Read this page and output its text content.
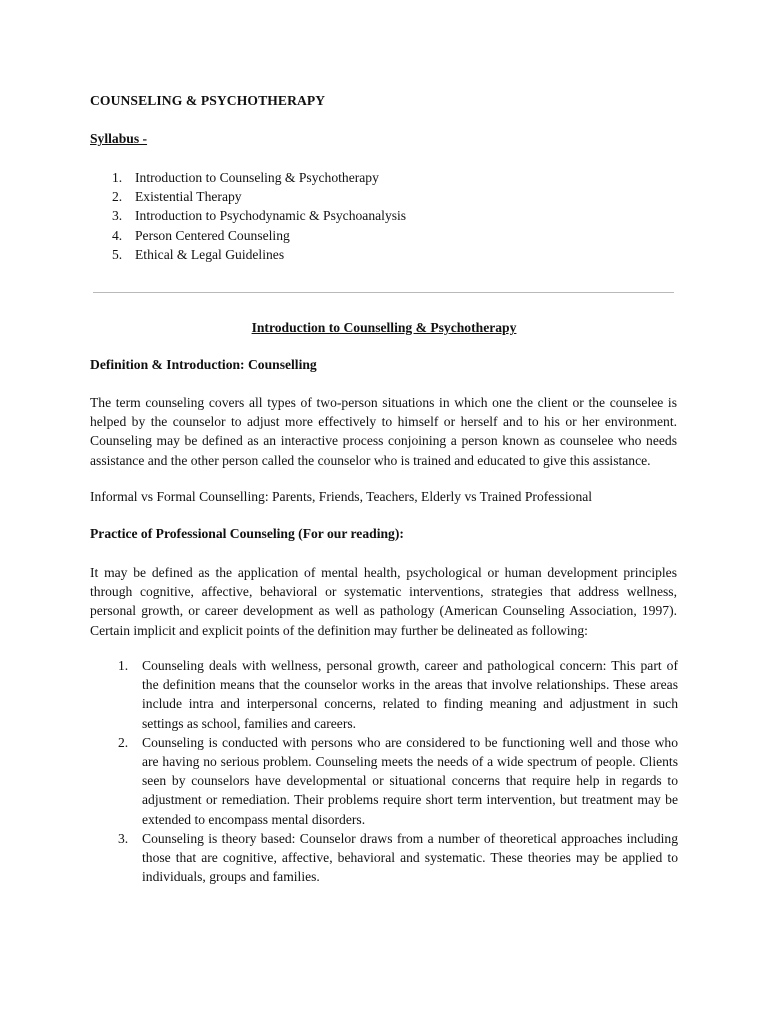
COUNSELING & PSYCHOTHERAPY
Syllabus -
1. Introduction to Counseling & Psychotherapy
2. Existential Therapy
3. Introduction to Psychodynamic & Psychoanalysis
4. Person Centered Counseling
5. Ethical & Legal Guidelines
Introduction to Counselling & Psychotherapy
Definition & Introduction: Counselling
The term counseling covers all types of two-person situations in which one the client or the counselee is helped by the counselor to adjust more effectively to himself or herself and to his or her environment. Counseling may be defined as an interactive process conjoining a person known as counselee who needs assistance and the other person called the counselor who is trained and educated to give this assistance.
Informal vs Formal Counselling: Parents, Friends, Teachers, Elderly vs Trained Professional
Practice of Professional Counseling (For our reading):
It may be defined as the application of mental health, psychological or human development principles through cognitive, affective, behavioral or systematic interventions, strategies that address wellness, personal growth, or career development as well as pathology (American Counseling Association, 1997). Certain implicit and explicit points of the definition may further be delineated as following:
1. Counseling deals with wellness, personal growth, career and pathological concern: This part of the definition means that the counselor works in the areas that involve relationships. These areas include intra and interpersonal concerns, related to finding meaning and adjustment in such settings as school, families and careers.
2. Counseling is conducted with persons who are considered to be functioning well and those who are having no serious problem. Counseling meets the needs of a wide spectrum of people. Clients seen by counselors have developmental or situational concerns that require help in regards to adjustment or remediation. Their problems require short term intervention, but treatment may be extended to encompass mental disorders.
3. Counseling is theory based: Counselor draws from a number of theoretical approaches including those that are cognitive, affective, behavioral and systematic. These theories may be applied to individuals, groups and families.
